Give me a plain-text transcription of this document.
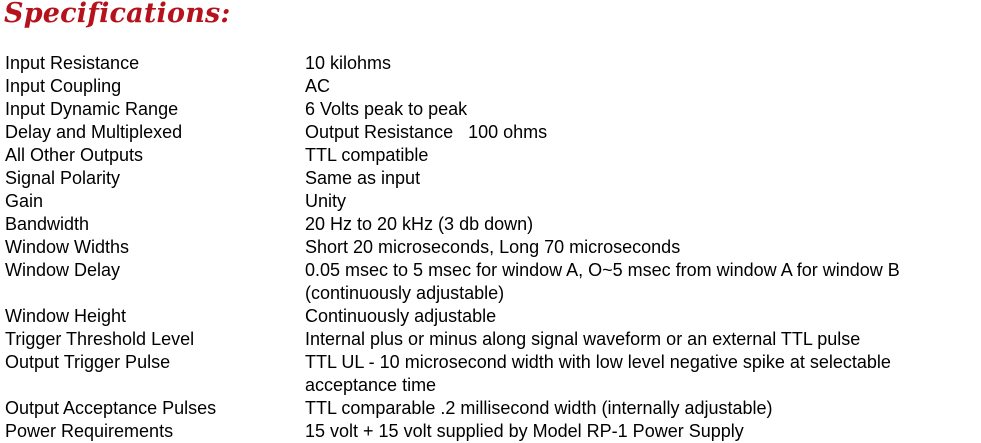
Specifications:
Input Resistance	10 kilohms
Input Coupling	AC
Input Dynamic Range	6 Volts peak to peak
Delay and Multiplexed	Output Resistance   100 ohms
All Other Outputs	TTL compatible
Signal Polarity	Same as input
Gain	Unity
Bandwidth	20 Hz to 20 kHz (3 db down)
Window Widths	Short 20 microseconds, Long 70 microseconds
Window Delay	0.05 msec to 5 msec for window A, O~5 msec from window A for window B (continuously adjustable)
Window Height	Continuously adjustable
Trigger Threshold Level	Internal plus or minus along signal waveform or an external TTL pulse
Output Trigger Pulse	TTL UL - 10 microsecond width with low level negative spike at selectable acceptance time
Output Acceptance Pulses	TTL comparable .2 millisecond width (internally adjustable)
Power Requirements	15 volt + 15 volt supplied by Model RP-1 Power Supply
